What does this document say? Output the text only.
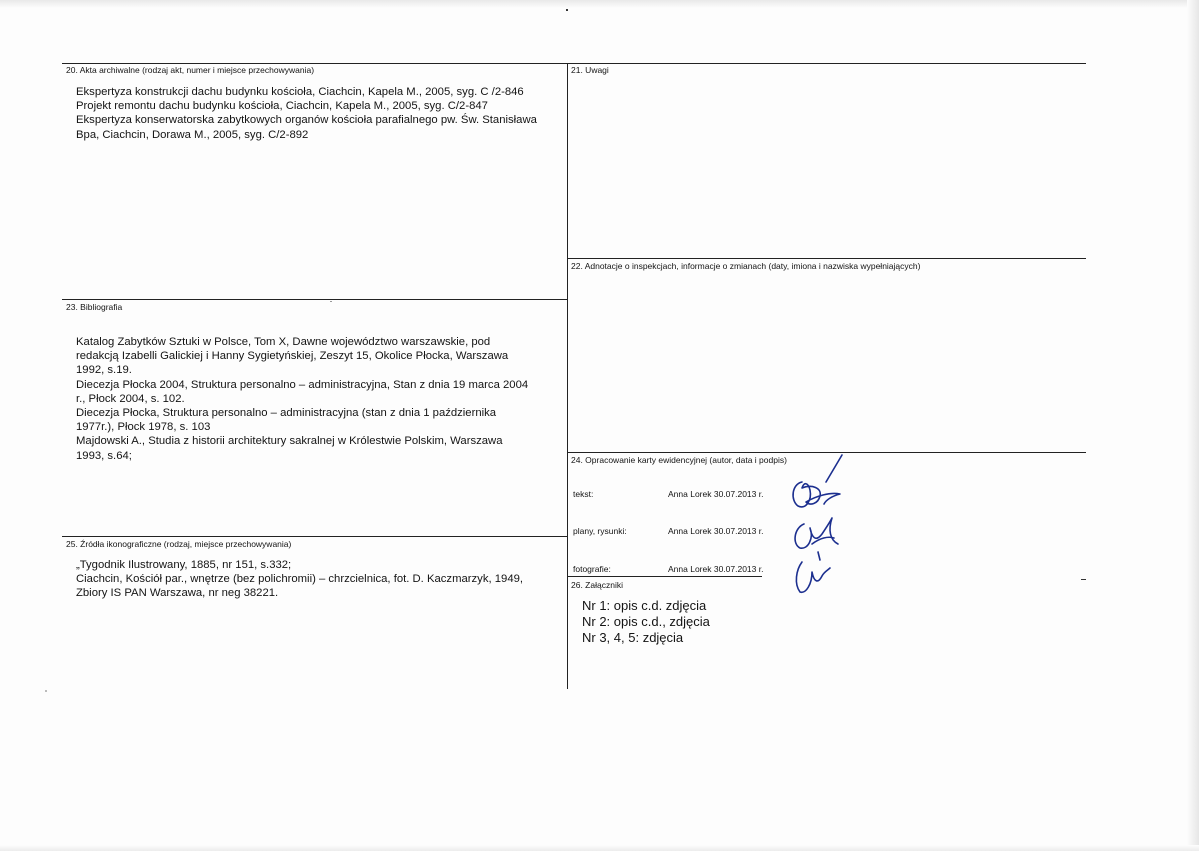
20. Akta archiwalne (rodzaj akt, numer i miejsce przechowywania)
Ekspertyza konstrukcji dachu budynku kościoła, Ciachcin, Kapela M., 2005, syg. C /2-846
Projekt remontu dachu budynku kościoła, Ciachcin, Kapela M., 2005, syg. C/2-847
Ekspertyza konserwatorska zabytkowych organów kościoła parafialnego pw. Św. Stanisława
Bpa, Ciachcin, Dorawa M., 2005, syg. C/2-892
21. Uwagi
22. Adnotacje o inspekcjach, informacje o zmianach (daty, imiona i nazwiska wypełniających)
23. Bibliografia
Katalog Zabytków Sztuki w Polsce, Tom X, Dawne województwo warszawskie, pod
redakcją Izabelli Galickiej i Hanny Sygietyńskiej, Zeszyt 15, Okolice Płocka, Warszawa
1992, s.19.
Diecezja Płocka 2004, Struktura personalno – administracyjna, Stan z dnia 19 marca 2004
r., Płock 2004, s. 102.
Diecezja Płocka, Struktura personalno – administracyjna (stan z dnia 1 października
1977r.), Płock 1978, s. 103
Majdowski A., Studia z historii architektury sakralnej w Królestwie Polskim, Warszawa
1993, s.64;	24. Opracowanie karty ewidencyjnej (autor, data i podpis)
tekst:	Anna Lorek 30.07.2013 r.
plany, rysunki:	Anna Lorek 30.07.2013 r.
fotografie:	Anna Lorek 30.07.2013 r.
25. Źródła ikonograficzne (rodzaj, miejsce przechowywania)
„Tygodnik Ilustrowany, 1885, nr 151, s.332;
Ciachcin, Kościół par., wnętrze (bez polichromii) – chrzcielnica, fot. D. Kaczmarzyk, 1949,
Zbiory IS PAN Warszawa, nr neg 38221.
26. Załączniki
Nr 1: opis c.d. zdjęcia
Nr 2: opis c.d., zdjęcia
Nr 3, 4, 5: zdjęcia
